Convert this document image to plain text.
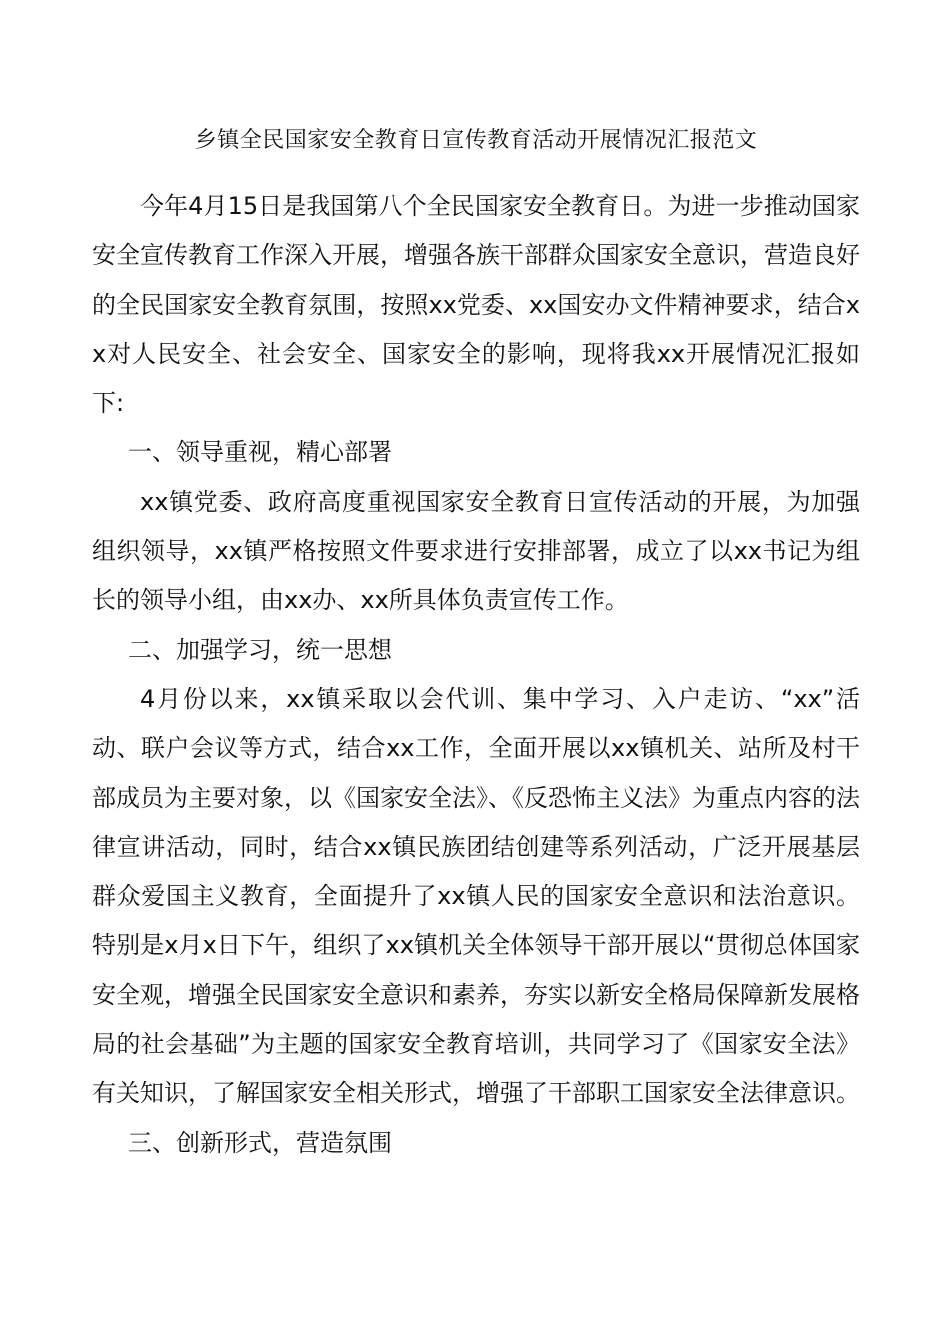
乡镇全民国家安全教育日宣传教育活动开展情况汇报范文

今年4月15日是我国第八个全民国家安全教育日。为进一步推动国家安全宣传教育工作深入开展，增强各族干部群众国家安全意识，营造良好的全民国家安全教育氛围，按照xx党委、xx国安办文件精神要求，结合xx对人民安全、社会安全、国家安全的影响，现将我xx开展情况汇报如下:

一、领导重视，精心部署

xx镇党委、政府高度重视国家安全教育日宣传活动的开展，为加强组织领导，xx镇严格按照文件要求进行安排部署，成立了以xx书记为组长的领导小组，由xx办、xx所具体负责宣传工作。

二、加强学习，统一思想

4月份以来，xx镇采取以会代训、集中学习、入户走访、“xx”活动、联户会议等方式，结合xx工作，全面开展以xx镇机关、站所及村干部成员为主要对象，以《国家安全法》、《反恐怖主义法》为重点内容的法律宣讲活动，同时，结合xx镇民族团结创建等系列活动，广泛开展基层群众爱国主义教育，全面提升了xx镇人民的国家安全意识和法治意识。特别是x月x日下午，组织了xx镇机关全体领导干部开展以“贯彻总体国家安全观，增强全民国家安全意识和素养，夯实以新安全格局保障新发展格局的社会基础”为主题的国家安全教育培训，共同学习了《国家安全法》有关知识，了解国家安全相关形式，增强了干部职工国家安全法律意识。

三、创新形式，营造氛围
